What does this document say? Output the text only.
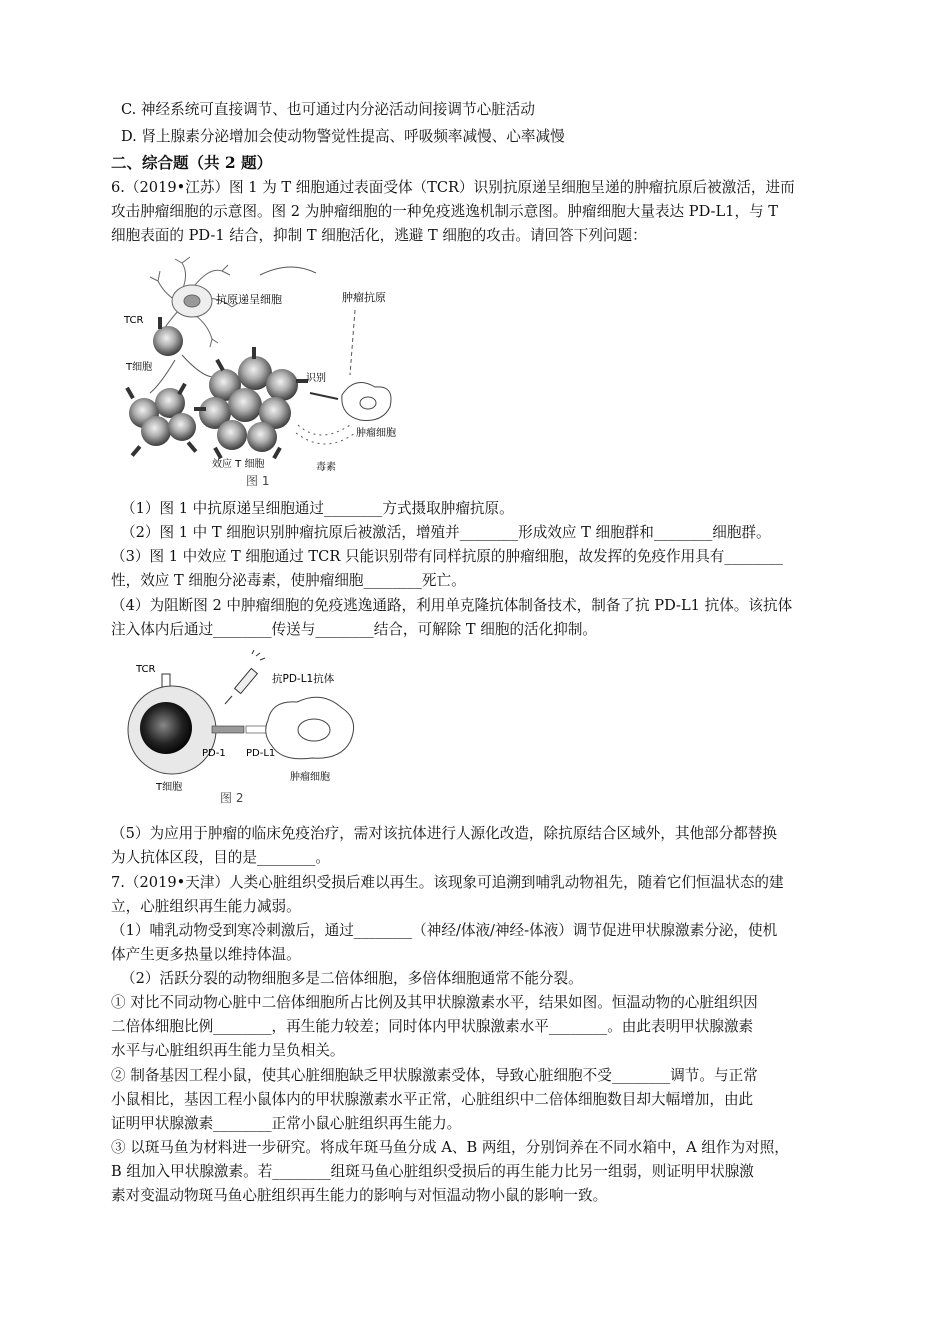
C. 神经系统可直接调节、也可通过内分泌活动间接调节心脏活动
D. 肾上腺素分泌增加会使动物警觉性提高、呼吸频率减慢、心率减慢
二、综合题（共 2 题）
6.（2019•江苏）图 1 为 T 细胞通过表面受体（TCR）识别抗原递呈细胞呈递的肿瘤抗原后被激活，进而
攻击肿瘤细胞的示意图。图 2 为肿瘤细胞的一种免疫逃逸机制示意图。肿瘤细胞大量表达 PD-L1，与 T
细胞表面的 PD-1 结合，抑制 T 细胞活化，逃避 T 细胞的攻击。请回答下列问题：
抗原递呈细胞	肿瘤抗原
TCR
T细胞
识别
肿瘤细胞
效应 T 细胞	毒素
图 1
（1）图 1 中抗原递呈细胞通过________方式摄取肿瘤抗原。
（2）图 1 中 T 细胞识别肿瘤抗原后被激活，增殖并________形成效应 T 细胞群和________细胞群。
（3）图 1 中效应 T 细胞通过 TCR 只能识别带有同样抗原的肿瘤细胞，故发挥的免疫作用具有________
性，效应 T 细胞分泌毒素，使肿瘤细胞________死亡。
（4）为阻断图 2 中肿瘤细胞的免疫逃逸通路，利用单克隆抗体制备技术，制备了抗 PD-L1 抗体。该抗体
注入体内后通过________传送与________结合，可解除 T 细胞的活化抑制。
TCR
PD-1 PD-L1
抗PD-L1抗体
T细胞
肿瘤细胞
图 2
（5）为应用于肿瘤的临床免疫治疗，需对该抗体进行人源化改造，除抗原结合区域外，其他部分都替换
为人抗体区段，目的是________。
7.（2019•天津）人类心脏组织受损后难以再生。该现象可追溯到哺乳动物祖先，随着它们恒温状态的建
立，心脏组织再生能力减弱。
（1）哺乳动物受到寒冷刺激后，通过________（神经/体液/神经-体液）调节促进甲状腺激素分泌，使机
体产生更多热量以维持体温。
（2）活跃分裂的动物细胞多是二倍体细胞，多倍体细胞通常不能分裂。
① 对比不同动物心脏中二倍体细胞所占比例及其甲状腺激素水平，结果如图。恒温动物的心脏组织因
二倍体细胞比例________，再生能力较差；同时体内甲状腺激素水平________。由此表明甲状腺激素
水平与心脏组织再生能力呈负相关。
② 制备基因工程小鼠，使其心脏细胞缺乏甲状腺激素受体，导致心脏细胞不受________调节。与正常
小鼠相比，基因工程小鼠体内的甲状腺激素水平正常，心脏组织中二倍体细胞数目却大幅增加，由此
证明甲状腺激素________正常小鼠心脏组织再生能力。
③ 以斑马鱼为材料进一步研究。将成年斑马鱼分成 A、B 两组，分别饲养在不同水箱中，A 组作为对照，
B 组加入甲状腺激素。若________组斑马鱼心脏组织受损后的再生能力比另一组弱，则证明甲状腺激
素对变温动物斑马鱼心脏组织再生能力的影响与对恒温动物小鼠的影响一致。
